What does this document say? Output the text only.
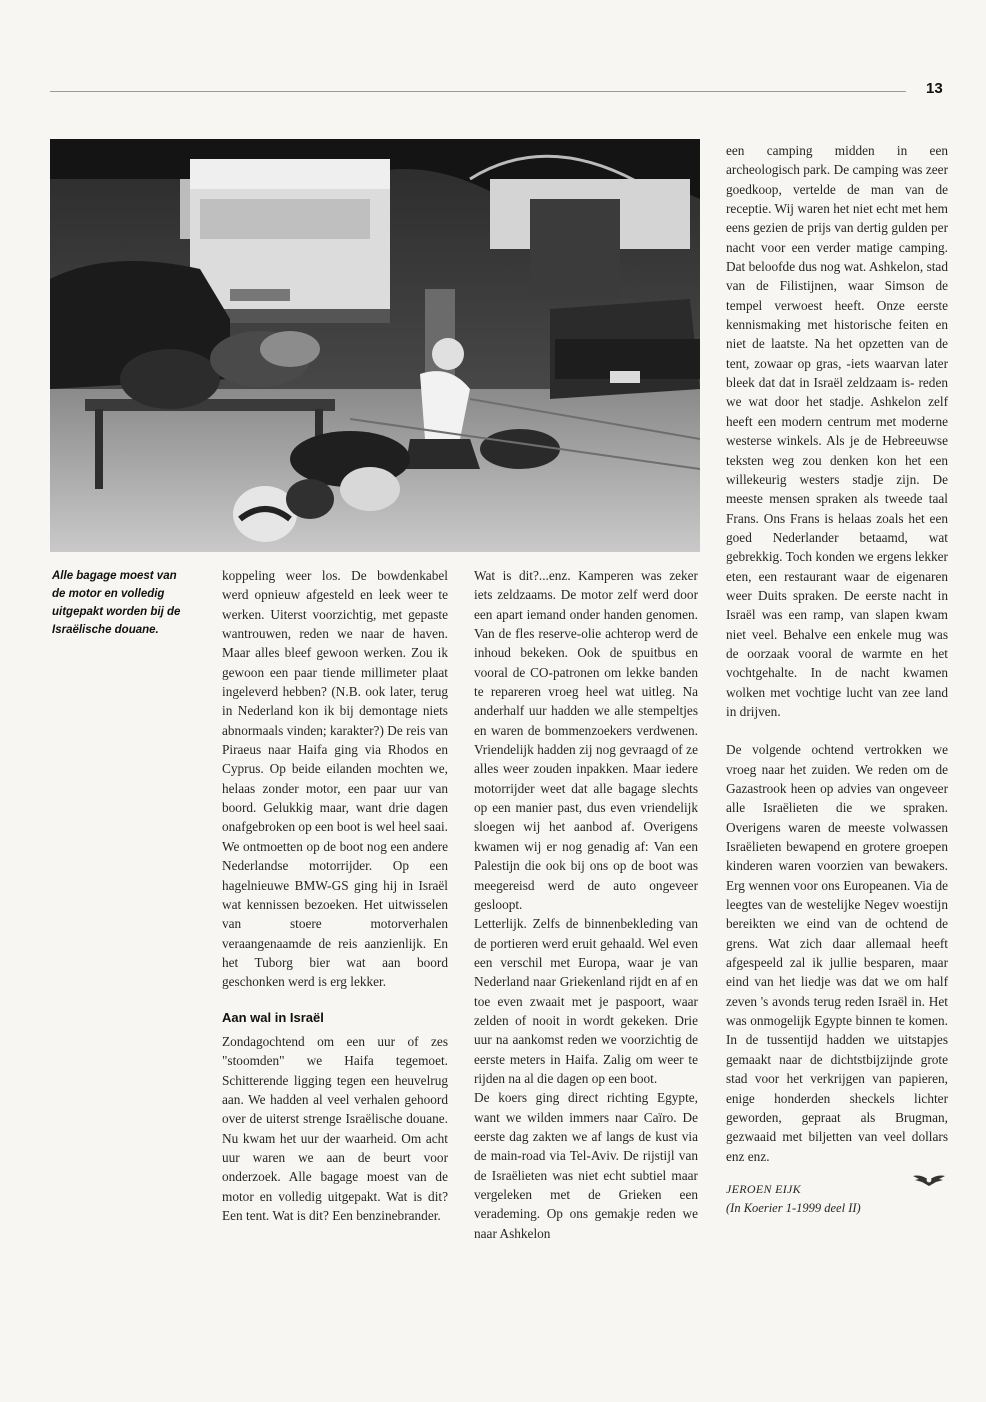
13
Alle bagage moest van de motor en volledig uitgepakt worden bij de Israëlische douane.

koppeling weer los. De bowdenkabel werd opnieuw afgesteld en leek weer te werken. Uiterst voorzichtig, met gepaste wantrouwen, reden we naar de haven. Maar alles bleef gewoon werken. Zou ik gewoon een paar tiende millimeter plaat ingeleverd hebben? (N.B. ook later, terug in Nederland kon ik bij demontage niets abnormaals vinden; karakter?) De reis van Piraeus naar Haifa ging via Rhodos en Cyprus. Op beide eilanden mochten we, helaas zonder motor, een paar uur van boord. Gelukkig maar, want drie dagen onafgebroken op een boot is wel heel saai. We ontmoetten op de boot nog een andere Nederlandse motorrijder. Op een hagelnieuwe BMW-GS ging hij in Israël wat kennissen bezoeken. Het uitwisselen van stoere motorverhalen veraangenaamde de reis aanzienlijk. En het Tuborg bier wat aan boord geschonken werd is erg lekker.

Aan wal in Israël

Zondagochtend om een uur of zes "stoomden" we Haifa tegemoet. Schitterende ligging tegen een heuvelrug aan. We hadden al veel verhalen gehoord over de uiterst strenge Israëlische douane. Nu kwam het uur der waarheid. Om acht uur waren we aan de beurt voor onderzoek. Alle bagage moest van de motor en volledig uitgepakt. Wat is dit? Een tent. Wat is dit? Een benzinebrander.

Wat is dit?...enz. Kamperen was zeker iets zeldzaams. De motor zelf werd door een apart iemand onder handen genomen. Van de fles reserve-olie achterop werd de inhoud bekeken. Ook de spuitbus en vooral de CO-patronen om lekke banden te repareren vroeg heel wat uitleg. Na anderhalf uur hadden we alle stempeltjes en waren de bommenzoekers verdwenen. Vriendelijk hadden zij nog gevraagd of ze alles weer zouden inpakken. Maar iedere motorrijder weet dat alle bagage slechts op een manier past, dus even vriendelijk sloegen wij het aanbod af. Overigens kwamen wij er nog genadig af: Van een Palestijn die ook bij ons op de boot was meegereisd werd de auto ongeveer gesloopt.

Letterlijk. Zelfs de binnenbekleding van de portieren werd eruit gehaald. Wel even een verschil met Europa, waar je van Nederland naar Griekenland rijdt en af en toe even zwaait met je paspoort, waar zelden of nooit in wordt gekeken. Drie uur na aankomst reden we voorzichtig de eerste meters in Haifa. Zalig om weer te rijden na al die dagen op een boot.

De koers ging direct richting Egypte, want we wilden immers naar Caïro. De eerste dag zakten we af langs de kust via de main-road via Tel-Aviv. De rijstijl van de Israëlieten was niet echt subtiel maar vergeleken met de Grieken een verademing. Op ons gemakje reden we naar Ashkelon

een camping midden in een archeologisch park. De camping was zeer goedkoop, vertelde de man van de receptie. Wij waren het niet echt met hem eens gezien de prijs van dertig gulden per nacht voor een verder matige camping. Dat beloofde dus nog wat. Ashkelon, stad van de Filistijnen, waar Simson de tempel verwoest heeft. Onze eerste kennismaking met historische feiten en niet de laatste. Na het opzetten van de tent, zowaar op gras, -iets waarvan later bleek dat dat in Israël zeldzaam is- reden we wat door het stadje. Ashkelon zelf heeft een modern centrum met moderne westerse winkels. Als je de Hebreeuwse teksten weg zou denken kon het een willekeurig westers stadje zijn. De meeste mensen spraken als tweede taal Frans. Ons Frans is helaas zoals het een goed Nederlander betaamd, wat gebrekkig. Toch konden we ergens lekker eten, een restaurant waar de eigenaren weer Duits spraken. De eerste nacht in Israël was een ramp, van slapen kwam niet veel. Behalve een enkele mug was de oorzaak vooral de warmte en het vochtgehalte. In de nacht kwamen wolken met vochtige lucht van zee land in drijven.

De volgende ochtend vertrokken we vroeg naar het zuiden. We reden om de Gazastrook heen op advies van ongeveer alle Israëlieten die we spraken. Overigens waren de meeste volwassen Israëlieten bewapend en grotere groepen kinderen waren voorzien van bewakers. Erg wennen voor ons Europeanen. Via de leegtes van de westelijke Negev woestijn bereikten we eind van de ochtend de grens. Wat zich daar allemaal heeft afgespeeld zal ik jullie besparen, maar eind van het liedje was dat we om half zeven 's avonds terug reden Israël in. Het was onmogelijk Egypte binnen te komen. In de tussentijd hadden we uitstapjes gemaakt naar de dichtstbijzijnde grote stad voor het verkrijgen van papieren, enige honderden sheckels lichter geworden, gepraat als Brugman, gezwaaid met biljetten van veel dollars enz enz.

JEROEN EIJK

(In Koerier 1-1999 deel II)
